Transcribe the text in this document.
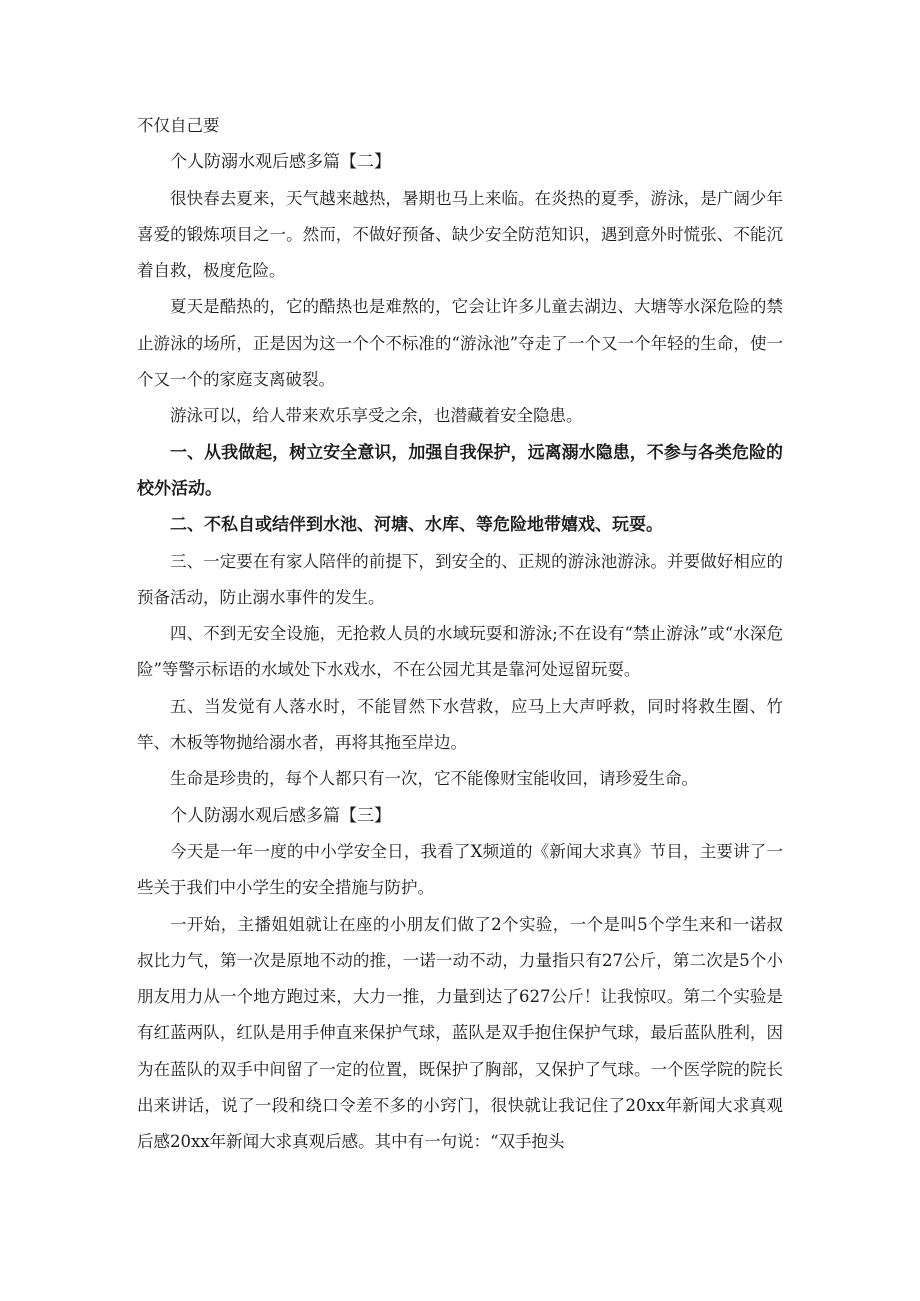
不仅自己要

个人防溺水观后感多篇【二】

很快春去夏来，天气越来越热，暑期也马上来临。在炎热的夏季，游泳，是广阔少年喜爱的锻炼项目之一。然而，不做好预备、缺少安全防范知识，遇到意外时慌张、不能沉着自救，极度危险。

夏天是酷热的，它的酷热也是难熬的，它会让许多儿童去湖边、大塘等水深危险的禁止游泳的场所，正是因为这一个个不标准的“游泳池”夺走了一个又一个年轻的生命，使一个又一个的家庭支离破裂。

游泳可以，给人带来欢乐享受之余，也潜藏着安全隐患。

一、从我做起，树立安全意识，加强自我保护，远离溺水隐患，不参与各类危险的校外活动。

二、不私自或结伴到水池、河塘、水库、等危险地带嬉戏、玩耍。

三、一定要在有家人陪伴的前提下，到安全的、正规的游泳池游泳。并要做好相应的预备活动，防止溺水事件的发生。

四、不到无安全设施，无抢救人员的水域玩耍和游泳;不在设有“禁止游泳”或“水深危险”等警示标语的水域处下水戏水，不在公园尤其是靠河处逗留玩耍。

五、当发觉有人落水时，不能冒然下水营救，应马上大声呼救，同时将救生圈、竹竿、木板等物抛给溺水者，再将其拖至岸边。

生命是珍贵的，每个人都只有一次，它不能像财宝能收回，请珍爱生命。

个人防溺水观后感多篇【三】

今天是一年一度的中小学安全日，我看了X频道的《新闻大求真》节目，主要讲了一些关于我们中小学生的安全措施与防护。

一开始，主播姐姐就让在座的小朋友们做了2个实验，一个是叫5个学生来和一诺叔叔比力气，第一次是原地不动的推，一诺一动不动，力量指只有27公斤，第二次是5个小朋友用力从一个地方跑过来，大力一推，力量到达了627公斤！让我惊叹。第二个实验是有红蓝两队，红队是用手伸直来保护气球，蓝队是双手抱住保护气球，最后蓝队胜利，因为在蓝队的双手中间留了一定的位置，既保护了胸部，又保护了气球。一个医学院的院长出来讲话，说了一段和绕口令差不多的小窍门，很快就让我记住了20xx年新闻大求真观后感20xx年新闻大求真观后感。其中有一句说：“双手抱头
